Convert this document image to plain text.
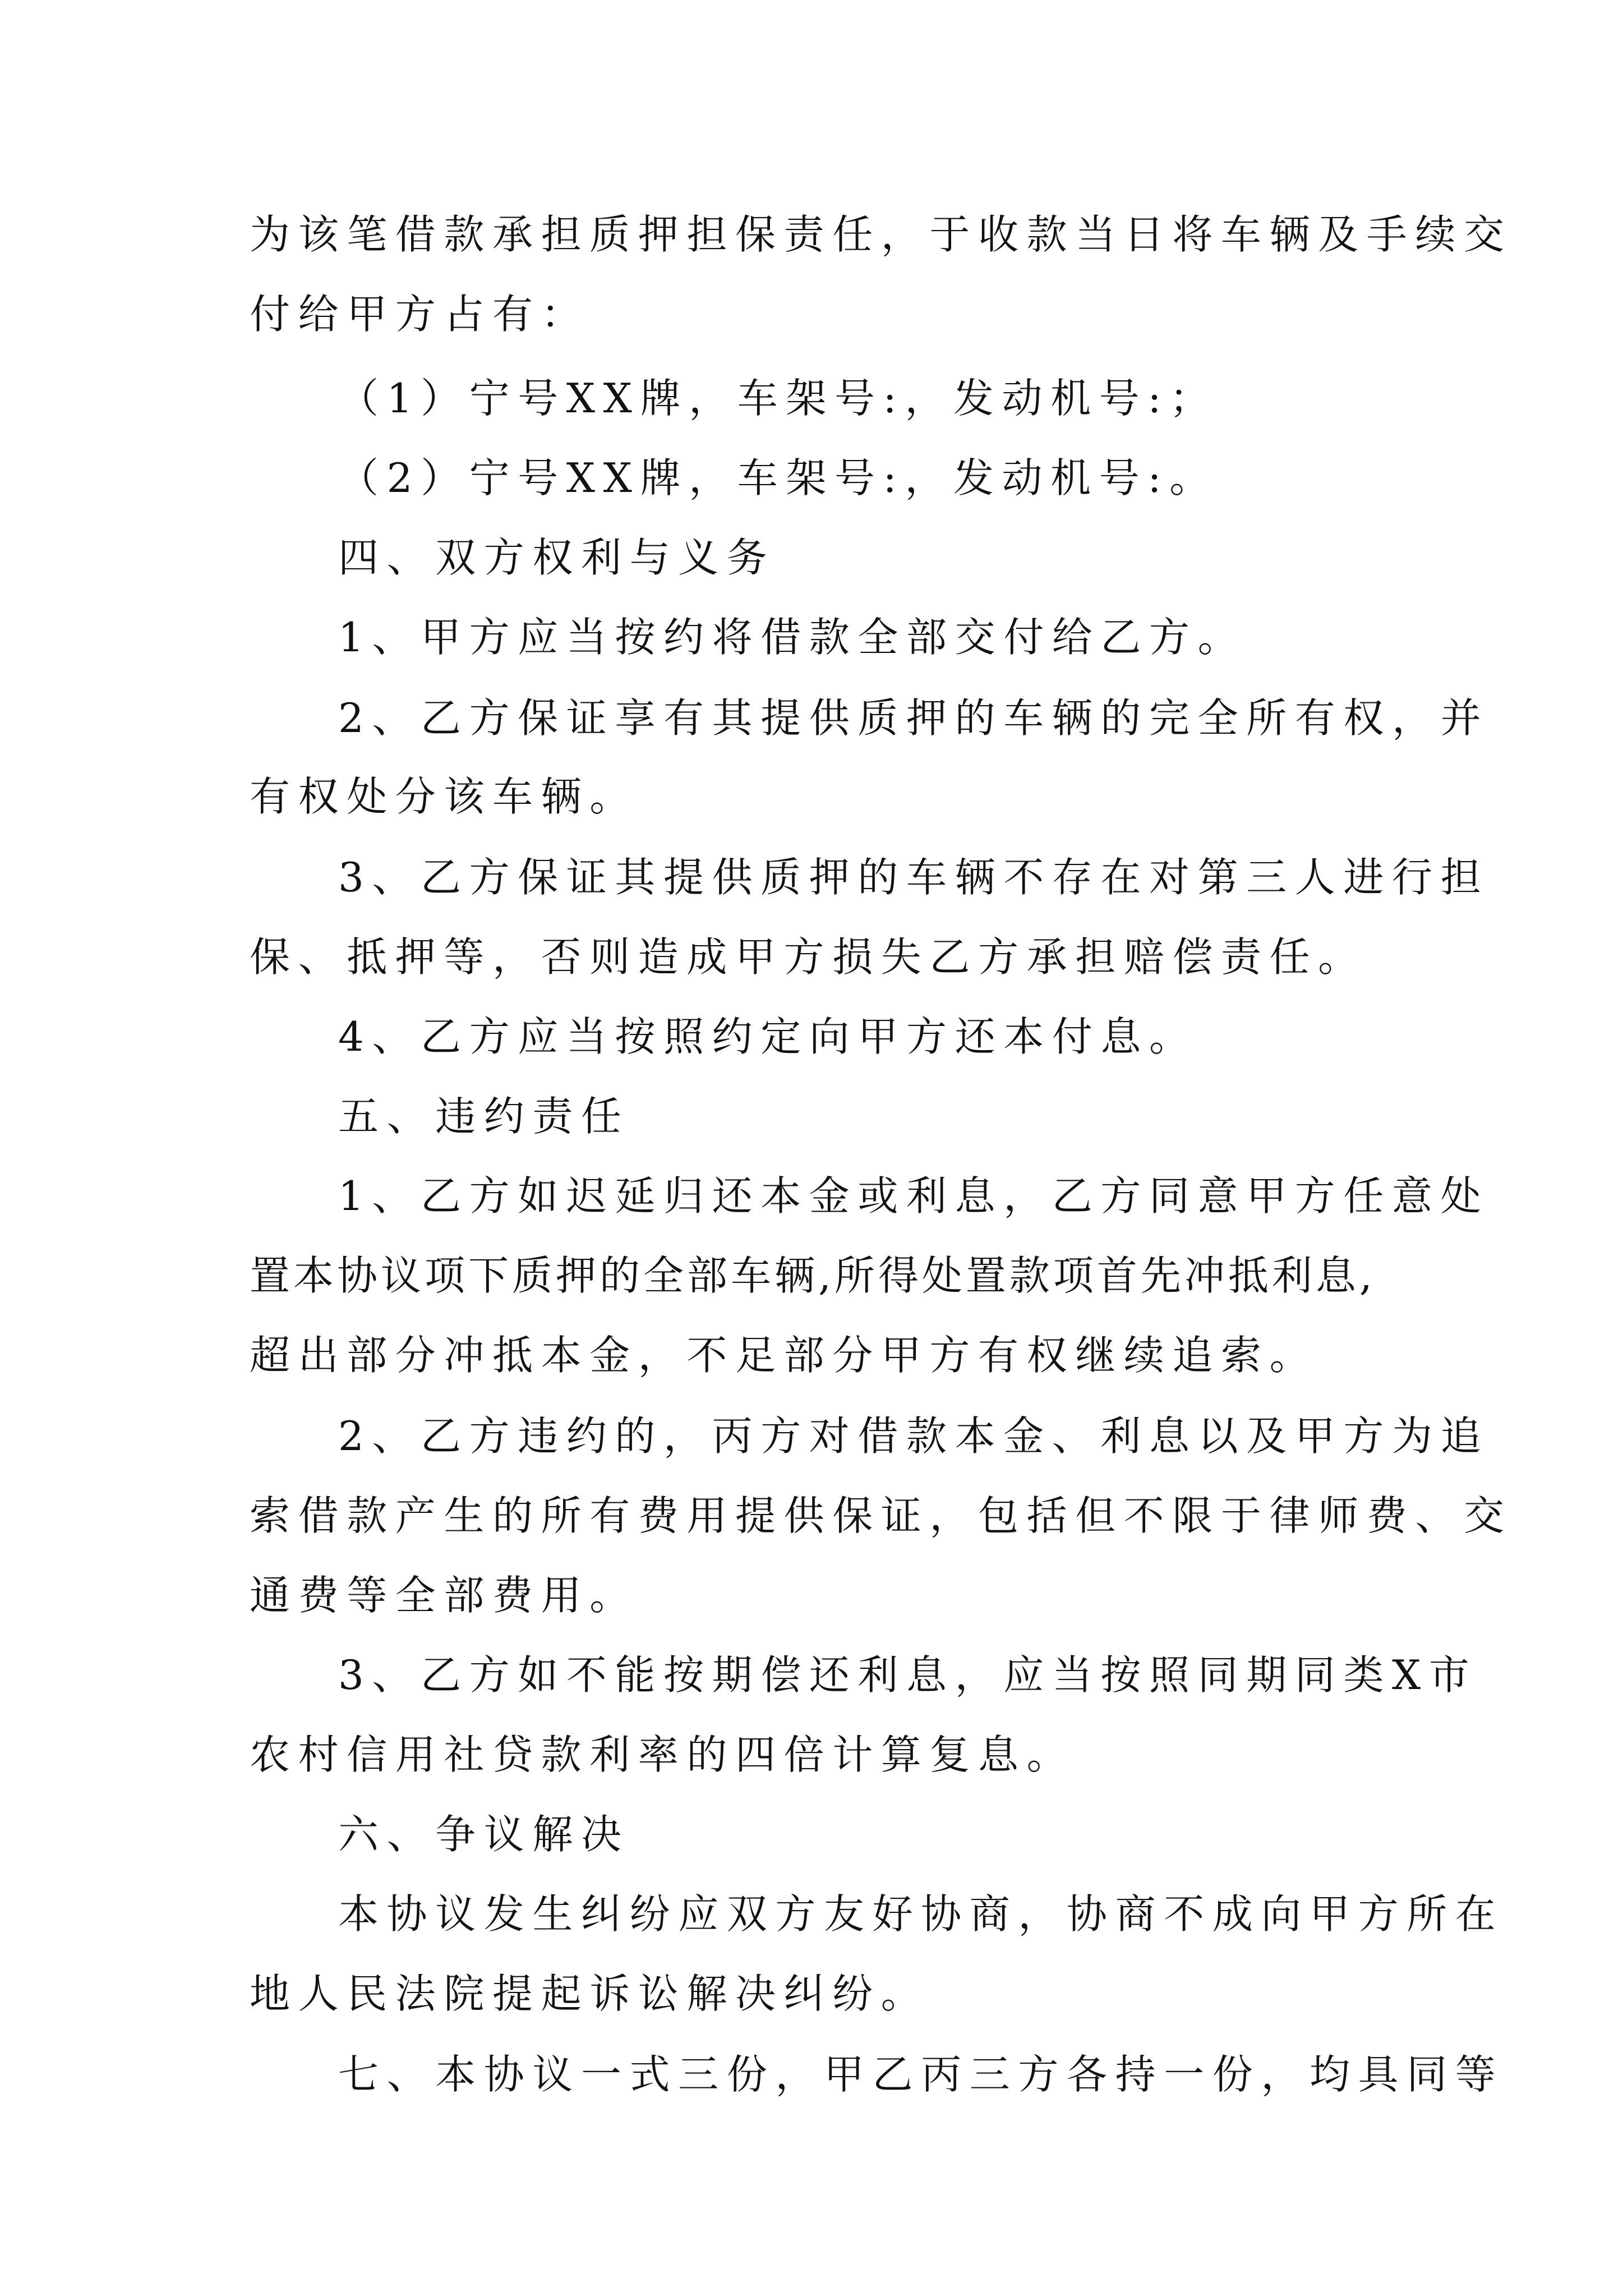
为该笔借款承担质押担保责任，于收款当日将车辆及手续交
付给甲方占有：
（1）宁号XX牌，车架号:，发动机号:；
（2）宁号XX牌，车架号:，发动机号:。
四、双方权利与义务
1、甲方应当按约将借款全部交付给乙方。
2、乙方保证享有其提供质押的车辆的完全所有权，并
有权处分该车辆。
3、乙方保证其提供质押的车辆不存在对第三人进行担
保、抵押等，否则造成甲方损失乙方承担赔偿责任。
4、乙方应当按照约定向甲方还本付息。
五、违约责任
1、乙方如迟延归还本金或利息，乙方同意甲方任意处
置本协议项下质押的全部车辆,所得处置款项首先冲抵利息,
超出部分冲抵本金，不足部分甲方有权继续追索。
2、乙方违约的，丙方对借款本金、利息以及甲方为追
索借款产生的所有费用提供保证，包括但不限于律师费、交
通费等全部费用。
3、乙方如不能按期偿还利息，应当按照同期同类X市
农村信用社贷款利率的四倍计算复息。
六、争议解决
本协议发生纠纷应双方友好协商，协商不成向甲方所在
地人民法院提起诉讼解决纠纷。
七、本协议一式三份，甲乙丙三方各持一份，均具同等
